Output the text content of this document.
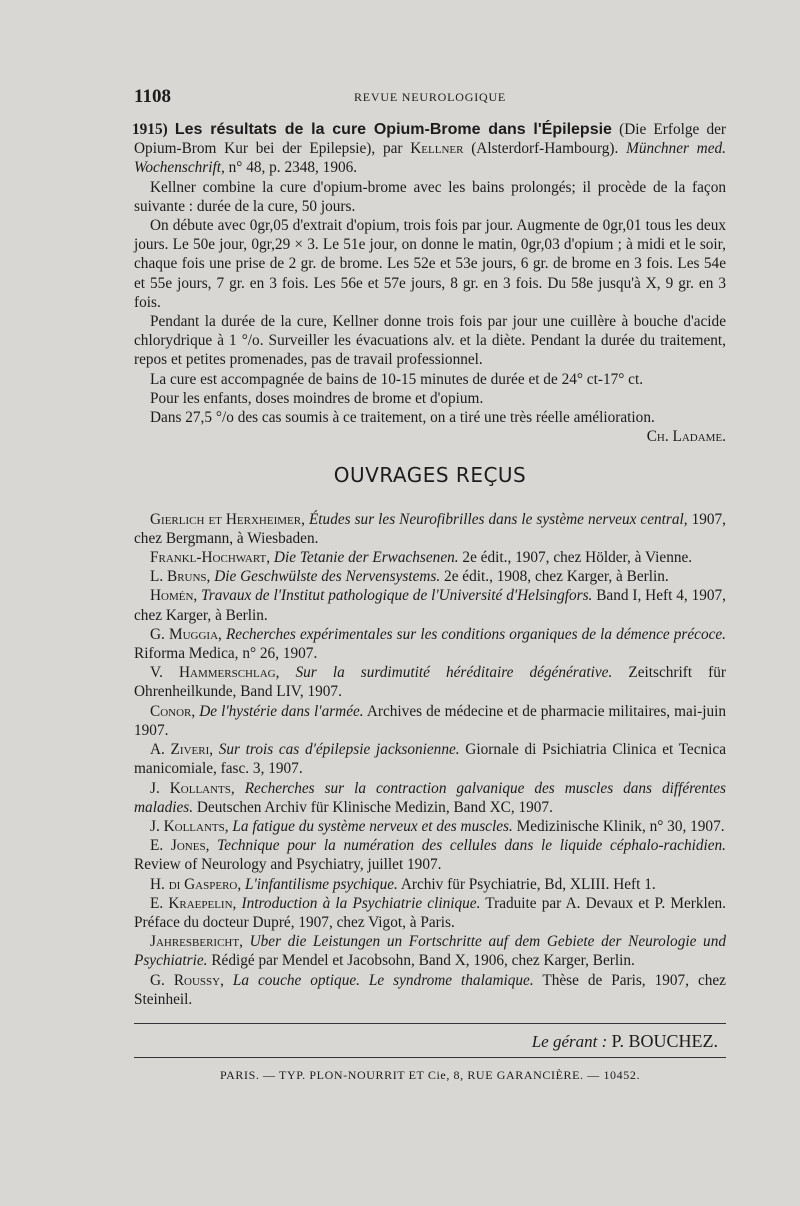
1108	REVUE NEUROLOGIQUE

1915) Les résultats de la cure Opium-Brome dans l'Épilepsie (Die Erfolge der Opium-Brom Kur bei der Epilepsie), par Kellner (Alsterdorf-Hambourg). Münchner med. Wochenschrift, n° 48, p. 2348, 1906.

Kellner combine la cure d'opium-brome avec les bains prolongés; il procède de la façon suivante : durée de la cure, 50 jours.

On débute avec 0gr,05 d'extrait d'opium, trois fois par jour. Augmente de 0gr,01 tous les deux jours. Le 50e jour, 0gr,29 × 3. Le 51e jour, on donne le matin, 0gr,03 d'opium ; à midi et le soir, chaque fois une prise de 2 gr. de brome. Les 52e et 53e jours, 6 gr. de brome en 3 fois. Les 54e et 55e jours, 7 gr. en 3 fois. Les 56e et 57e jours, 8 gr. en 3 fois. Du 58e jusqu'à X, 9 gr. en 3 fois.

Pendant la durée de la cure, Kellner donne trois fois par jour une cuillère à bouche d'acide chlorydrique à 1 °/o. Surveiller les évacuations alv. et la diète. Pendant la durée du traitement, repos et petites promenades, pas de travail professionnel.

La cure est accompagnée de bains de 10-15 minutes de durée et de 24° ct-17° ct.

Pour les enfants, doses moindres de brome et d'opium.

Dans 27,5 °/o des cas soumis à ce traitement, on a tiré une très réelle amélioration.

Ch. Ladame.

OUVRAGES REÇUS

Gierlich et Herxheimer, Études sur les Neurofibrilles dans le système nerveux central, 1907, chez Bergmann, à Wiesbaden.

Frankl-Hochwart, Die Tetanie der Erwachsenen. 2e édit., 1907, chez Hölder, à Vienne.

L. Bruns, Die Geschwülste des Nervensystems. 2e édit., 1908, chez Karger, à Berlin.

Homén, Travaux de l'Institut pathologique de l'Université d'Helsingfors. Band I, Heft 4, 1907, chez Karger, à Berlin.

G. Muggia, Recherches expérimentales sur les conditions organiques de la démence précoce. Riforma Medica, n° 26, 1907.

V. Hammerschlag, Sur la surdimutité héréditaire dégénérative. Zeitschrift für Ohrenheilkunde, Band LIV, 1907.

Conor, De l'hystérie dans l'armée. Archives de médecine et de pharmacie militaires, mai-juin 1907.

A. Ziveri, Sur trois cas d'épilepsie jacksonienne. Giornale di Psichiatria Clinica et Tecnica manicomiale, fasc. 3, 1907.

J. Kollants, Recherches sur la contraction galvanique des muscles dans différentes maladies. Deutschen Archiv für Klinische Medizin, Band XC, 1907.

J. Kollants, La fatigue du système nerveux et des muscles. Medizinische Klinik, n° 30, 1907.

E. Jones, Technique pour la numération des cellules dans le liquide céphalo-rachidien. Review of Neurology and Psychiatry, juillet 1907.

H. di Gaspero, L'infantilisme psychique. Archiv für Psychiatrie, Bd, XLIII. Heft 1.

E. Kraepelin, Introduction à la Psychiatrie clinique. Traduite par A. Devaux et P. Merklen. Préface du docteur Dupré, 1907, chez Vigot, à Paris.

Jahresbericht, Uber die Leistungen un Fortschritte auf dem Gebiete der Neurologie und Psychiatrie. Rédigé par Mendel et Jacobsohn, Band X, 1906, chez Karger, Berlin.

G. Roussy, La couche optique. Le syndrome thalamique. Thèse de Paris, 1907, chez Steinheil.

Le gérant : P. BOUCHEZ.
PARIS. — TYP. PLON-NOURRIT ET Cie, 8, RUE GARANCIÈRE. — 10452.
